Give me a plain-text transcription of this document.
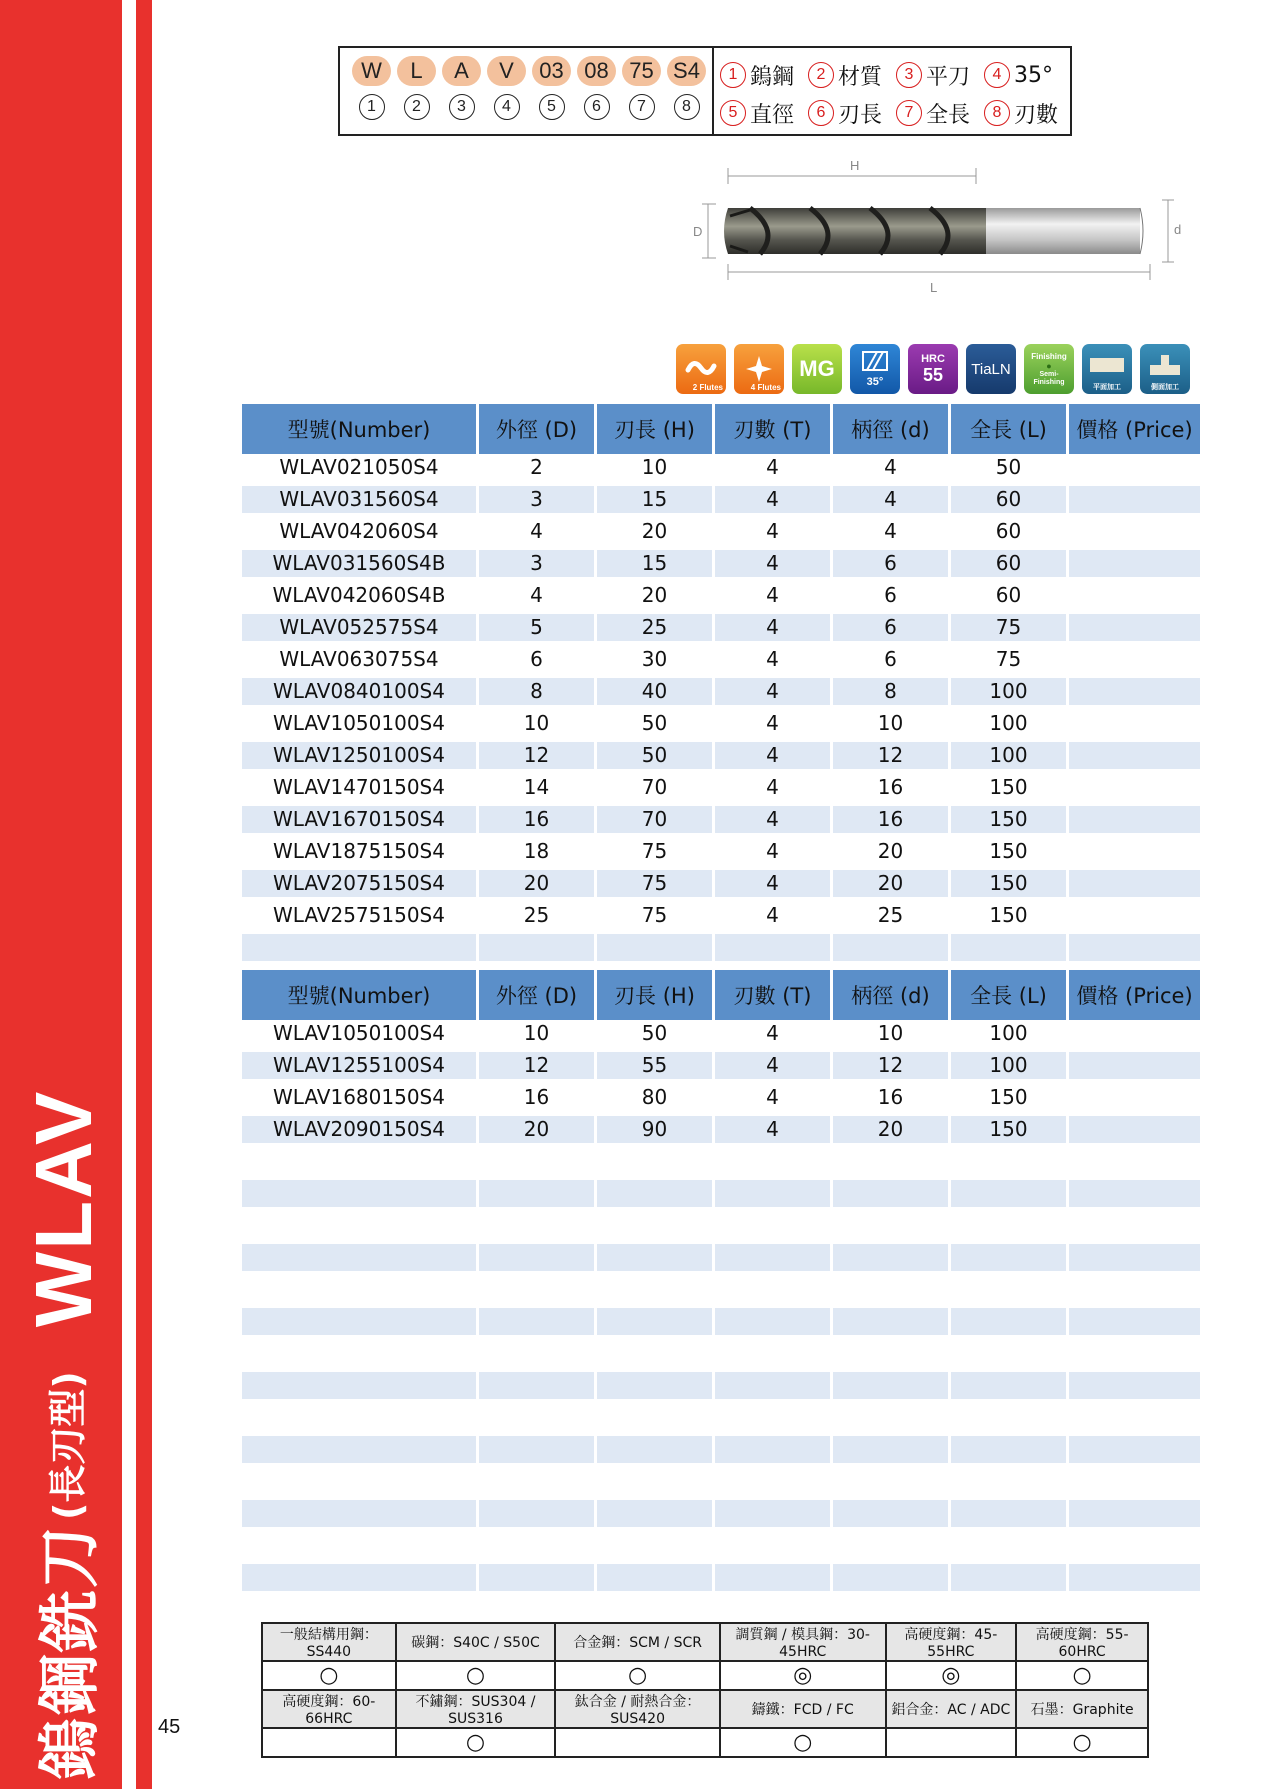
鎢鋼銑刀
(長刃型)
WLAV
45
W	L	A	V	03 08 75 S4
1	2	3	4	5	6	7	8
1 鎢鋼	2 材質	3 平刀	4 35°
5 直徑	6 刃長	7 全長	8 刃數
H
D	d
L
2 Flutes	4 Flutes
MG
35°
HRC
55 TiaLN
Finishing
●
Semi-Finishing
平面加工	側面加工
型號(Number)	外徑 (D)	刃長 (H)	刃數 (T)	柄徑 (d)	全長 (L)	價格 (Price)
WLAV021050S4	2	10	4	4	50	

WLAV031560S4	3	15	4	4	60	

WLAV042060S4	4	20	4	4	60	

WLAV031560S4B	3	15	4	6	60	

WLAV042060S4B	4	20	4	6	60	

WLAV052575S4	5	25	4	6	75	

WLAV063075S4	6	30	4	6	75	

WLAV0840100S4	8	40	4	8	100	

WLAV1050100S4	10	50	4	10	100	

WLAV1250100S4	12	50	4	12	100	

WLAV1470150S4	14	70	4	16	150	

WLAV1670150S4	16	70	4	16	150	

WLAV1875150S4	18	75	4	20	150	

WLAV2075150S4	20	75	4	20	150	

WLAV2575150S4	25	75	4	25	150	

型號(Number)	外徑 (D)	刃長 (H)	刃數 (T)	柄徑 (d)	全長 (L)	價格 (Price)
WLAV1050100S4	10	50	4	10	100	

WLAV1255100S4	12	55	4	12	100	

WLAV1680150S4	16	80	4	16	150	

WLAV2090150S4	20	90	4	20	150	

一般結構用鋼：SS440	碳鋼：S40C / S50C	合金鋼：SCM / SCR	調質鋼 / 模具鋼：30-45HRC	高硬度鋼：45-55HRC	高硬度鋼：55-60HRC
○	○	○	◎	◎	○
高硬度鋼：60-66HRC	不鏽鋼：SUS304 / SUS316	鈦合金 / 耐熱合金：SUS420	鑄鐵：FCD / FC	鋁合金：AC / ADC	石墨：Graphite
	○		○		○
